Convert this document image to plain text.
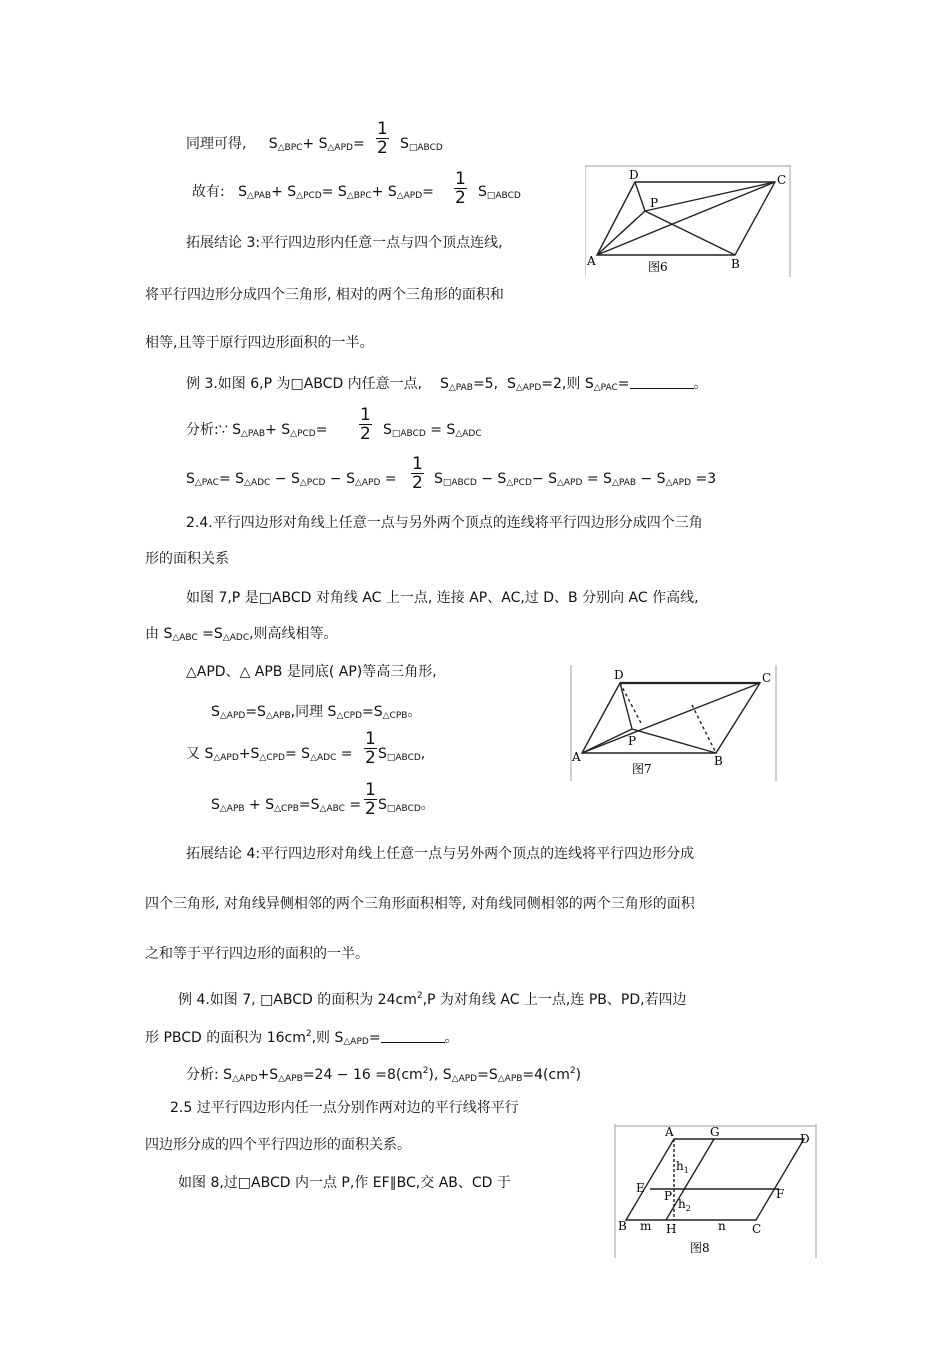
同理可得, $S_{\triangle BPC}+ S_{\triangle APD}= \frac{1}{2} S_{□ABCD}$
故有: $S_{\triangle PAB}+ S_{\triangle PCD}= S_{\triangle BPC}+ S_{\triangle APD}= \frac{1}{2} S_{□ABCD}$
拓展结论 3:平行四边形内任意一点与四个顶点连线,
将平行四边形分成四个三角形, 相对的两个三角形的面积和
相等,且等于原行四边形面积的一半。
例 3.如图 6,P 为□ABCD 内任意一点, $S_{\triangle PAB}=5$, $S_{\triangle APD}=2$,则 $S_{\triangle PAC}=$	。
分析:∵ $S_{\triangle PAB}+ S_{\triangle PCD}= \frac{1}{2} S_{□ABCD} = S_{\triangle ADC}$
$S_{\triangle PAC}= S_{\triangle ADC} - S_{\triangle PCD} - S_{\triangle APD} = \frac{1}{2} S_{□ABCD} - S_{\triangle PCD}- S_{\triangle APD} = S_{\triangle PAB} - S_{\triangle APD} =3$
2.4.平行四边形对角线上任意一点与另外两个顶点的连线将平行四边形分成四个三角
形的面积关系
如图 7,P 是□ABCD 对角线 AC 上一点, 连接 AP、AC,过 D、B 分别向 AC 作高线,
由 $S_{\triangle ABC} =S_{\triangle ADC}$,则高线相等。
△APD、△ APB 是同底( AP)等高三角形,
$S_{\triangle APD}=S_{\triangle APB}$,同理 $S_{\triangle CPD}=S_{\triangle CPB}$。
又 $S_{\triangle APD}+S_{\triangle CPD}= S_{\triangle ADC} = \frac{1}{2} S_{□ABCD}$,
$S_{\triangle APB} + S_{\triangle CPB}=S_{\triangle ABC} = \frac{1}{2} S_{□ABCD}$。
拓展结论 4:平行四边形对角线上任意一点与另外两个顶点的连线将平行四边形分成
四个三角形, 对角线异侧相邻的两个三角形面积相等, 对角线同侧相邻的两个三角形的面积
之和等于平行四边形的面积的一半。
例 4.如图 7, □ABCD 的面积为 $24cm^2,P$ 为对角线 AC 上一点,连 PB、PD,若四边
形 PBCD 的面积为 $16cm^2$,则 $S_{\triangle APD}=$	。
分析: $S_{\triangle APD}+S_{\triangle APB}=24 - 16 =8(cm^2)$, $S_{\triangle APD}=S_{\triangle APB}=4(cm^2)$
2.5 过平行四边形内任一点分别作两对边的平行线将平行
四边形分成的四个平行四边形的面积关系。
如图 8,过□ABCD 内一点 P,作 EF∥BC,交 AB、CD 于
D	C
P
A	B
图6
D	C
P
A	B
图7
A	G	D
$h_1$
E
P	F
$h_2$
B m H	n C
图8
